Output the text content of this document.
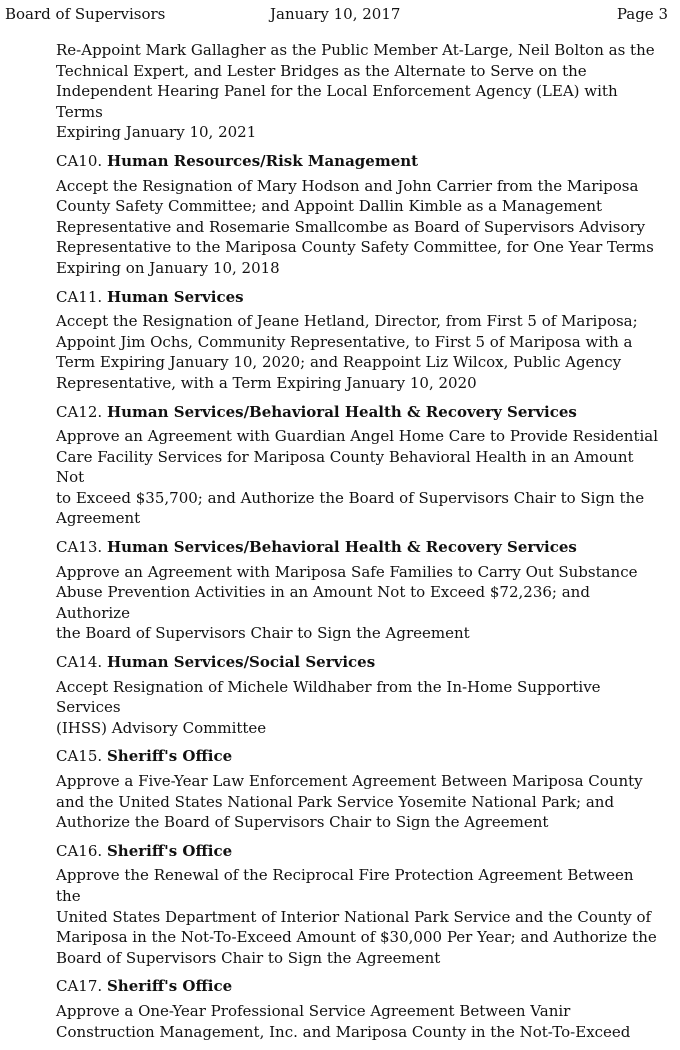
Board of Supervisors	January 10, 2017	Page 3

Re-Appoint Mark Gallagher as the Public Member At-Large, Neil Bolton as the
Technical Expert, and Lester Bridges as the Alternate to Serve on the
Independent Hearing Panel for the Local Enforcement Agency (LEA) with Terms
Expiring January 10, 2021

CA10. Human Resources/Risk Management

Accept the Resignation of Mary Hodson and John Carrier from the Mariposa
County Safety Committee; and Appoint Dallin Kimble as a Management
Representative and Rosemarie Smallcombe as Board of Supervisors Advisory
Representative to the Mariposa County Safety Committee, for One Year Terms
Expiring on January 10, 2018

CA11. Human Services

Accept the Resignation of Jeane Hetland, Director, from First 5 of Mariposa;
Appoint Jim Ochs, Community Representative, to First 5 of Mariposa with a
Term Expiring January 10, 2020; and Reappoint Liz Wilcox, Public Agency
Representative, with a Term Expiring January 10, 2020

CA12. Human Services/Behavioral Health & Recovery Services

Approve an Agreement with Guardian Angel Home Care to Provide Residential
Care Facility Services for Mariposa County Behavioral Health in an Amount Not
to Exceed $35,700; and Authorize the Board of Supervisors Chair to Sign the
Agreement

CA13. Human Services/Behavioral Health & Recovery Services

Approve an Agreement with Mariposa Safe Families to Carry Out Substance
Abuse Prevention Activities in an Amount Not to Exceed $72,236; and Authorize
the Board of Supervisors Chair to Sign the Agreement

CA14. Human Services/Social Services

Accept Resignation of Michele Wildhaber from the In-Home Supportive Services
(IHSS) Advisory Committee

CA15. Sheriff's Office

Approve a Five-Year Law Enforcement Agreement Between Mariposa County
and the United States National Park Service Yosemite National Park; and
Authorize the Board of Supervisors Chair to Sign the Agreement

CA16. Sheriff's Office

Approve the Renewal of the Reciprocal Fire Protection Agreement Between the
United States Department of Interior National Park Service and the County of
Mariposa in the Not-To-Exceed Amount of $30,000 Per Year; and Authorize the
Board of Supervisors Chair to Sign the Agreement

CA17. Sheriff's Office

Approve a One-Year Professional Service Agreement Between Vanir
Construction Management, Inc. and Mariposa County in the Not-To-Exceed
